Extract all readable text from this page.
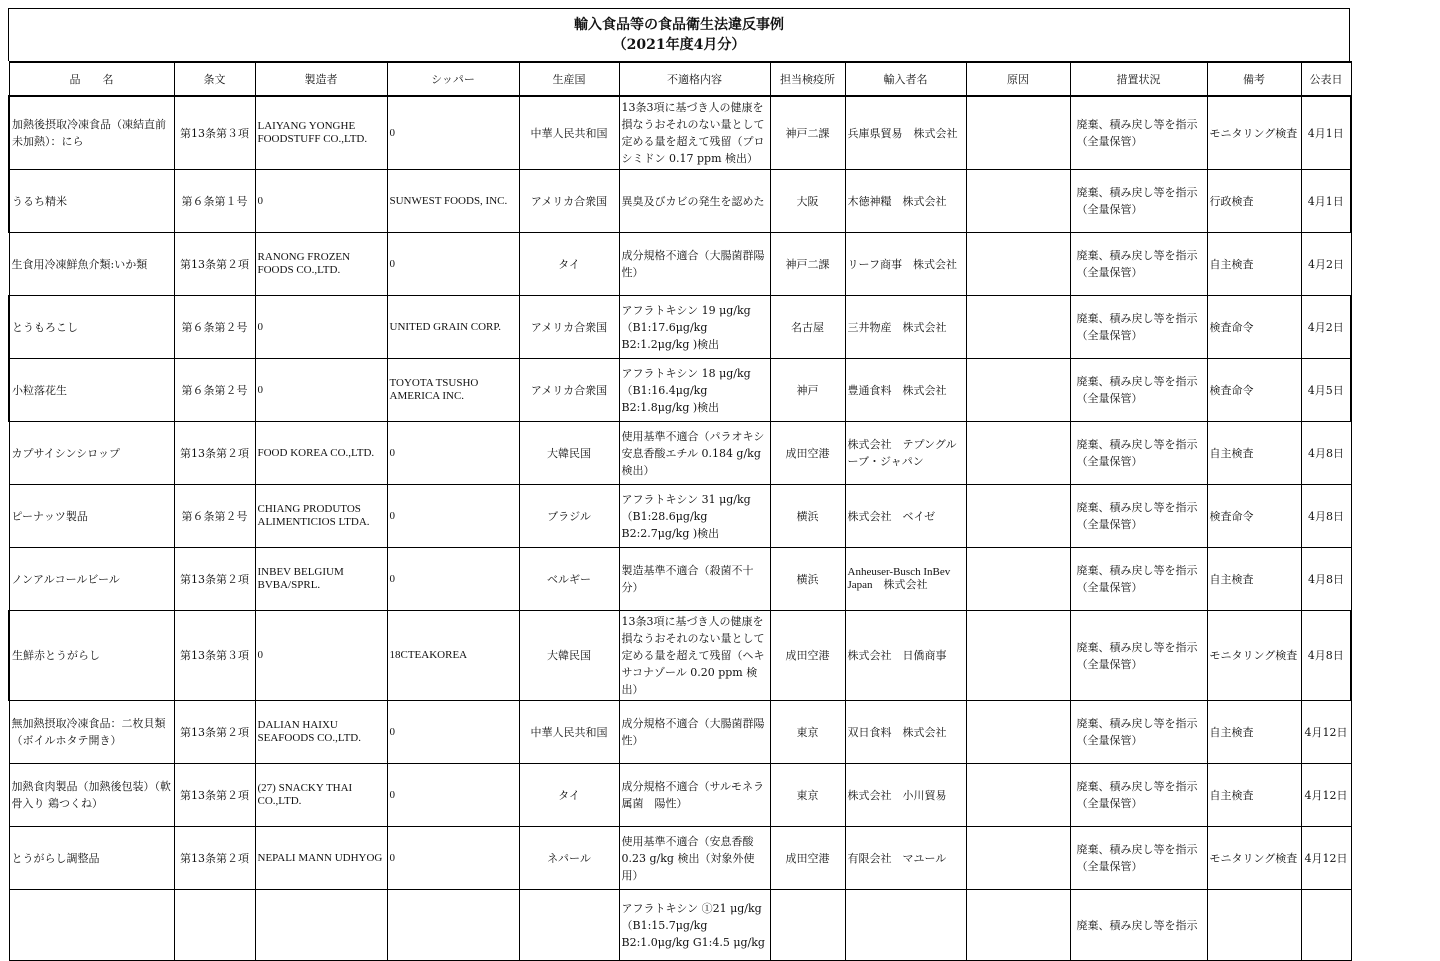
輸入食品等の食品衛生法違反事例
（2021年度4月分）
品　　名	条文	製造者	シッパー	生産国	不適格内容	担当検疫所	輸入者名	原因	措置状況	備考	公表日
加熱後摂取冷凍食品（凍結直前未加熱）：にら	第13条第３項	LAIYANG YONGHE FOODSTUFF CO.,LTD.	0	中華人民共和国	13条3項に基づき人の健康を損なうおそれのない量として定める量を超えて残留（プロシミドン 0.17 ppm 検出）	神戸二課	兵庫県貿易　株式会社		廃棄、積み戻し等を指示（全量保管）	モニタリング検査	4月1日
うるち精米	第６条第１号	0	SUNWEST FOODS, INC.	アメリカ合衆国	異臭及びカビの発生を認めた	大阪	木徳神糧　株式会社		廃棄、積み戻し等を指示（全量保管）	行政検査	4月1日
生食用冷凍鮮魚介類:いか類	第13条第２項	RANONG FROZEN FOODS CO.,LTD.	0	タイ	成分規格不適合（大腸菌群陽性）	神戸二課	リーフ商事　株式会社		廃棄、積み戻し等を指示（全量保管）	自主検査	4月2日
とうもろこし	第６条第２号	0	UNITED GRAIN CORP.	アメリカ合衆国	アフラトキシン 19 μg/kg（B1:17.6μg/kg B2:1.2μg/kg )検出	名古屋	三井物産　株式会社		廃棄、積み戻し等を指示（全量保管）	検査命令	4月2日
小粒落花生	第６条第２号	0	TOYOTA TSUSHO AMERICA INC.	アメリカ合衆国	アフラトキシン 18 μg/kg（B1:16.4μg/kg B2:1.8μg/kg )検出	神戸	豊通食料　株式会社		廃棄、積み戻し等を指示（全量保管）	検査命令	4月5日
カプサイシンシロップ	第13条第２項	FOOD KOREA CO.,LTD.	0	大韓民国	使用基準不適合（パラオキシ安息香酸エチル 0.184 g/kg　検出）	成田空港	株式会社　テプングルーブ・ジャパン		廃棄、積み戻し等を指示（全量保管）	自主検査	4月8日
ピーナッツ製品	第６条第２号	CHIANG PRODUTOS ALIMENTICIOS LTDA.	0	ブラジル	アフラトキシン 31 μg/kg（B1:28.6μg/kg B2:2.7μg/kg )検出	横浜	株式会社　ベイゼ		廃棄、積み戻し等を指示（全量保管）	検査命令	4月8日
ノンアルコールビール	第13条第２項	INBEV BELGIUM BVBA/SPRL.	0	ベルギー	製造基準不適合（殺菌不十分）	横浜	Anheuser-Busch InBev Japan　株式会社		廃棄、積み戻し等を指示（全量保管）	自主検査	4月8日
生鮮赤とうがらし	第13条第３項	0	18CTEAKOREA	大韓民国	13条3項に基づき人の健康を損なうおそれのない量として定める量を超えて残留（ヘキサコナゾール 0.20 ppm 検出）	成田空港	株式会社　日僑商事		廃棄、積み戻し等を指示（全量保管）	モニタリング検査	4月8日
無加熱摂取冷凍食品：二枚貝類（ボイルホタテ開き）	第13条第２項	DALIAN HAIXU SEAFOODS CO.,LTD.	0	中華人民共和国	成分規格不適合（大腸菌群陽性）	東京	双日食料　株式会社		廃棄、積み戻し等を指示（全量保管）	自主検査	4月12日
加熱食肉製品（加熱後包装）（軟骨入り 鶏つくね）	第13条第２項	(27) SNACKY THAI CO.,LTD.	0	タイ	成分規格不適合（サルモネラ属菌　陽性）	東京	株式会社　小川貿易		廃棄、積み戻し等を指示（全量保管）	自主検査	4月12日
とうがらし調整品	第13条第２項	NEPALI MANN UDHYOG	0	ネパール	使用基準不適合（安息香酸 0.23 g/kg 検出（対象外使用）	成田空港	有限会社　マユール		廃棄、積み戻し等を指示（全量保管）	モニタリング検査	4月12日
					アフラトキシン ①21 μg/kg（B1:15.7μg/kg B2:1.0μg/kg G1:4.5 μg/kg				廃棄、積み戻し等を指示		
